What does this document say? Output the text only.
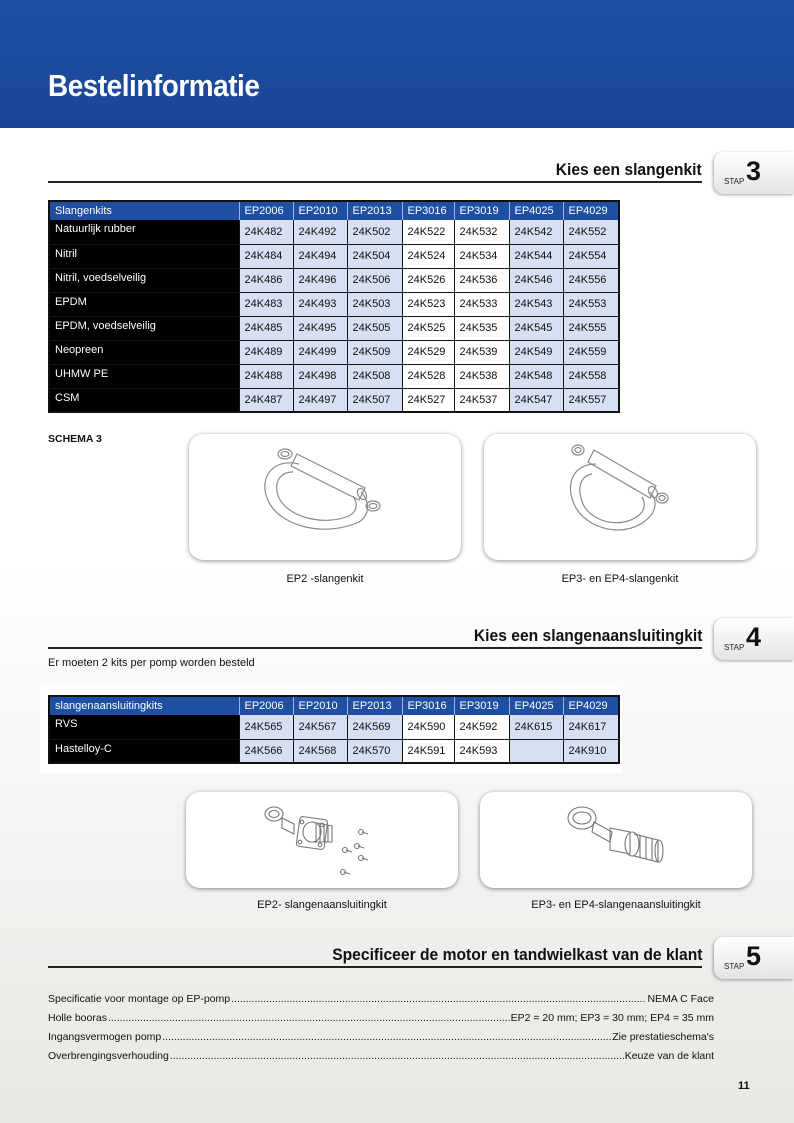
Bestelinformatie
Kies een slangenkit
STAP 3
Slangenkits	EP2006	EP2010	EP2013	EP3016	EP3019	EP4025	EP4029
Natuurlijk rubber	24K482	24K492	24K502	24K522	24K532	24K542	24K552
Nitril	24K484	24K494	24K504	24K524	24K534	24K544	24K554
Nitril, voedselveilig	24K486	24K496	24K506	24K526	24K536	24K546	24K556
EPDM	24K483	24K493	24K503	24K523	24K533	24K543	24K553
EPDM, voedselveilig	24K485	24K495	24K505	24K525	24K535	24K545	24K555
Neopreen	24K489	24K499	24K509	24K529	24K539	24K549	24K559
UHMW PE	24K488	24K498	24K508	24K528	24K538	24K548	24K558
CSM	24K487	24K497	24K507	24K527	24K537	24K547	24K557
SCHEMA 3
EP2 -slangenkit	EP3- en EP4-slangenkit
Kies een slangenaansluitingkit
STAP 4
Er moeten 2 kits per pomp worden besteld
slangenaansluitingkits	EP2006	EP2010	EP2013	EP3016	EP3019	EP4025	EP4029
RVS	24K565	24K567	24K569	24K590	24K592	24K615	24K617
Hastelloy-C	24K566	24K568	24K570	24K591	24K593		24K910
EP2- slangenaansluitingkit	EP3- en EP4-slangenaansluitingkit
Specificeer de motor en tandwielkast van de klant
STAP 5
Specificatie voor montage op EP-pomp .....	NEMA C Face
Holle booras .....	EP2 = 20 mm; EP3 = 30 mm; EP4 = 35 mm
Ingangsvermogen pomp .....	Zie prestatieschema's
Overbrengingsverhouding .....	Keuze van de klant
11
